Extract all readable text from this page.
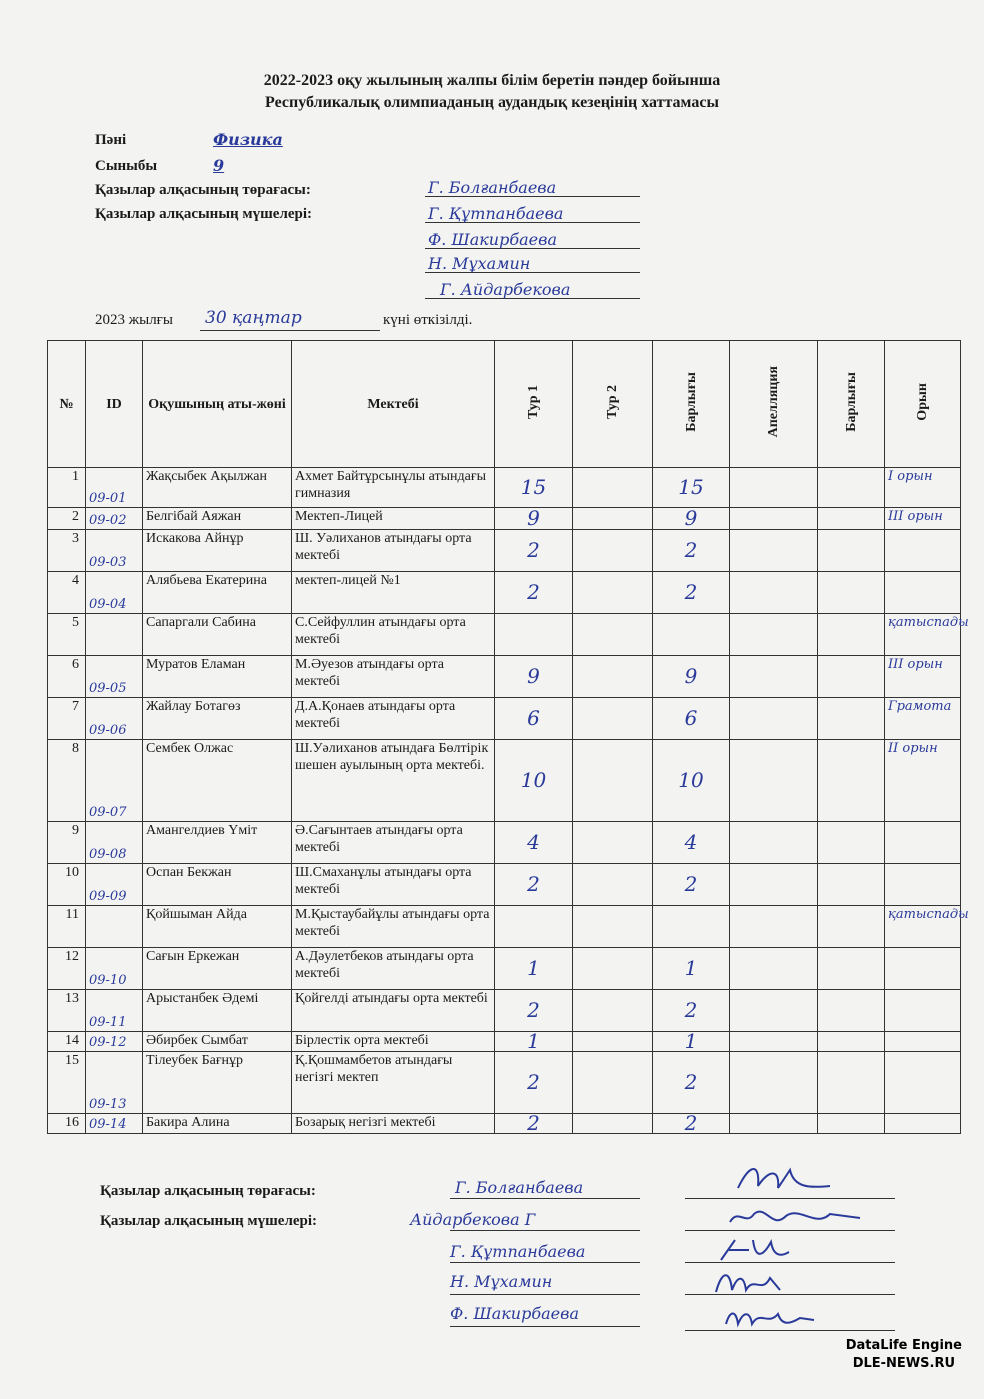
2022-2023 оқу жылының жалпы білім беретін пәндер бойынша
Республикалық олимпиаданың аудандық кезеңінің хаттамасы
Пәні	Физика
Сыныбы	9
Қазылар алқасының төрағасы:	Г. Болғанбаева
Қазылар алқасының мүшелері:	Г. Құтпанбаева
Ф. Шакирбаева
Н. Мұхамин
Г. Айдарбекова
2023 жылғы 30 қаңтар	күні өткізілді.
№	ID	Оқушының аты-жөні	Мектебі	Тур 1	Тур 2	Барлығы	Апелляция	Барлығы	Орын
1	09-01	Жақсыбек Ақылжан	Ахмет Байтұрсынұлы атындағы гимназия	15		15			I орын
2	09-02	Белгібай Аяжан	Мектеп-Лицей	9		9			III орын
3	09-03	Искакова Айнұр	Ш. Уәлиханов атындағы орта мектебі	2		2			
4	09-04	Алябьева Екатерина	мектеп-лицей №1	2		2			
5		Сапаргали Сабина	С.Сейфуллин атындағы орта мектебі						қатыспады
6	09-05	Муратов Еламан	М.Әуезов атындағы орта мектебі	9		9			III орын
7	09-06	Жайлау Ботагөз	Д.А.Қонаев атындағы орта мектебі	6		6			Грамота
8	09-07	Сембек Олжас	Ш.Уәлиханов атындаға Бөлтірік шешен ауылының орта мектебі.	10		10			II орын
9	09-08	Амангелдиев Үміт	Ә.Сағынтаев атындағы орта мектебі	4		4			
10	09-09	Оспан Бекжан	Ш.Смаханұлы атындағы орта мектебі	2		2			
11		Қойшыман Айда	М.Қыстаубайұлы атындағы орта мектебі						қатыспады
12	09-10	Сағын Еркежан	А.Дәулетбеков атындағы орта мектебі	1		1			
13	09-11	Арыстанбек Әдемі	Қойгелді атындағы орта мектебі	2		2			
14	09-12	Әбирбек Сымбат	Бірлестік орта мектебі	1		1			
15	09-13	Тілеубек Бағнұр	Қ.Қошмамбетов атындағы негізгі мектеп	2		2			
16	09-14	Бакира Алина	Бозарық негізгі мектебі	2		2			
Қазылар алқасының төрағасы:	Г. Болғанбаева
Қазылар алқасының мүшелері:	Айдарбекова Г
Г. Құтпанбаева
Н. Мұхамин
Ф. Шакирбаева
DataLife Engine
DLE-NEWS.RU
